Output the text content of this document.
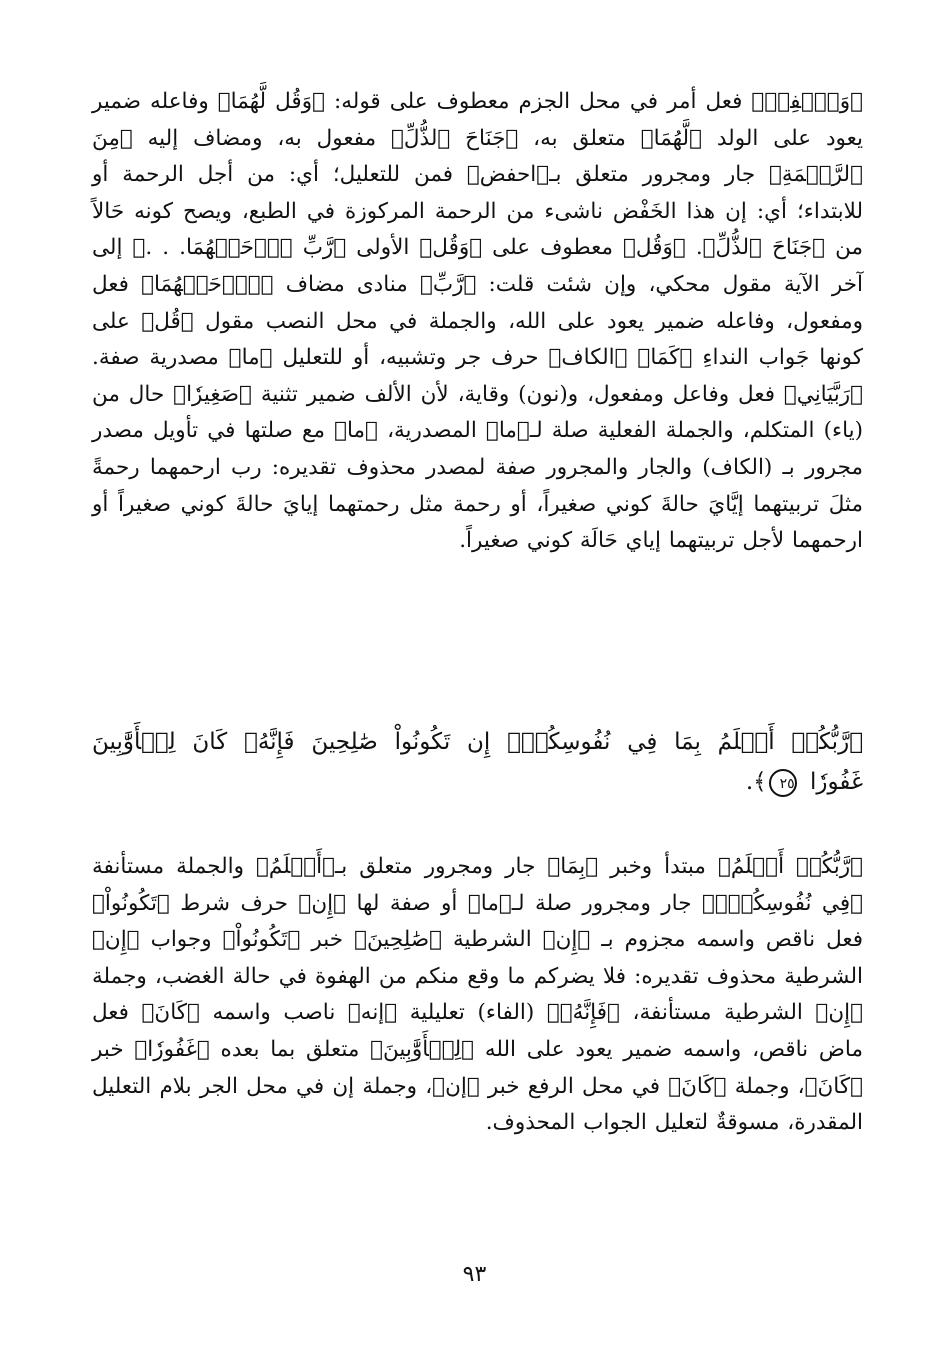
﴿وَٱخۡفِضۡ﴾ فعل أمر في محل الجزم معطوف على قوله: ﴿وَقُل لَّهُمَا﴾ وفاعله ضمير يعود على الولد ﴿لَّهُمَا﴾ متعلق به، ﴿جَنَاحَ ٱلذُّلِّ﴾ مفعول به، ومضاف إليه ﴿مِنَ ٱلرَّحۡمَةِ﴾ جار ومجرور متعلق بـ﴿احفض﴾ فمن للتعليل؛ أي: من أجل الرحمة أو للابتداء؛ أي: إن هذا الخَفْض ناشىء من الرحمة المركوزة في الطبع، ويصح كونه حَالاً من ﴿جَنَاحَ ٱلذُّلِّ﴾. ﴿وَقُل﴾ معطوف على ﴿وَقُل﴾ الأولى ﴿رَّبِّ ٱرۡحَمۡهُمَا. . .﴾ إلى آخر الآية مقول محكي، وإن شئت قلت: ﴿رَّبِّ﴾ منادى مضاف ﴿ٱرۡحَمۡهُمَا﴾ فعل ومفعول، وفاعله ضمير يعود على الله، والجملة في محل النصب مقول ﴿قُل﴾ على كونها جَواب النداءِ ﴿كَمَا﴾ ﴿الكاف﴾ حرف جر وتشبيه، أو للتعليل ﴿ما﴾ مصدرية صفة. ﴿رَبَّيَانِي﴾ فعل وفاعل ومفعول، و(نون) وقاية، لأن الألف ضمير تثنية ﴿صَغِيرٗا﴾ حال من (ياء) المتكلم، والجملة الفعلية صلة لـ﴿ما﴾ المصدرية، ﴿ما﴾ مع صلتها في تأويل مصدر مجرور بـ (الكاف) والجار والمجرور صفة لمصدر محذوف تقديره: رب ارحمهما رحمةً مثلَ تربيتهما إيَّايَ حالةَ كوني صغيراً، أو رحمة مثل رحمتهما إيايَ حالةَ كوني صغيراً أو ارحمهما لأجل تربيتهما إياي حَالَة كوني صغيراً.

﴿رَّبُّكُمۡ أَعۡلَمُ بِمَا فِي نُفُوسِكُمۡۚ إِن تَكُونُواْ صَٰلِحِينَ فَإِنَّهُۥ كَانَ لِلۡأَوَّٰبِينَ غَفُورٗا ٢٥﴾.

﴿رَّبُّكُمۡ أَعۡلَمُ﴾ مبتدأ وخبر ﴿بِمَا﴾ جار ومجرور متعلق بـ﴿أَعۡلَمُ﴾ والجملة مستأنفة ﴿فِي نُفُوسِكُمۡۚ﴾ جار ومجرور صلة لـ﴿ما﴾ أو صفة لها ﴿إِن﴾ حرف شرط ﴿تَكُونُواْ﴾ فعل ناقص واسمه مجزوم بـ ﴿إِن﴾ الشرطية ﴿صَٰلِحِينَ﴾ خبر ﴿تَكُونُواْ﴾ وجواب ﴿إِن﴾ الشرطية محذوف تقديره: فلا يضركم ما وقع منكم من الهفوة في حالة الغضب، وجملة ﴿إِن﴾ الشرطية مستأنفة، ﴿فَإِنَّهُۥ﴾ (الفاء) تعليلية ﴿إنه﴾ ناصب واسمه ﴿كَانَ﴾ فعل ماض ناقص، واسمه ضمير يعود على الله ﴿لِلۡأَوَّٰبِينَ﴾ متعلق بما بعده ﴿غَفُورٗا﴾ خبر ﴿كَانَ﴾، وجملة ﴿كَانَ﴾ في محل الرفع خبر ﴿إن﴾، وجملة إن في محل الجر بلام التعليل المقدرة، مسوقةٌ لتعليل الجواب المحذوف.

٩٣
